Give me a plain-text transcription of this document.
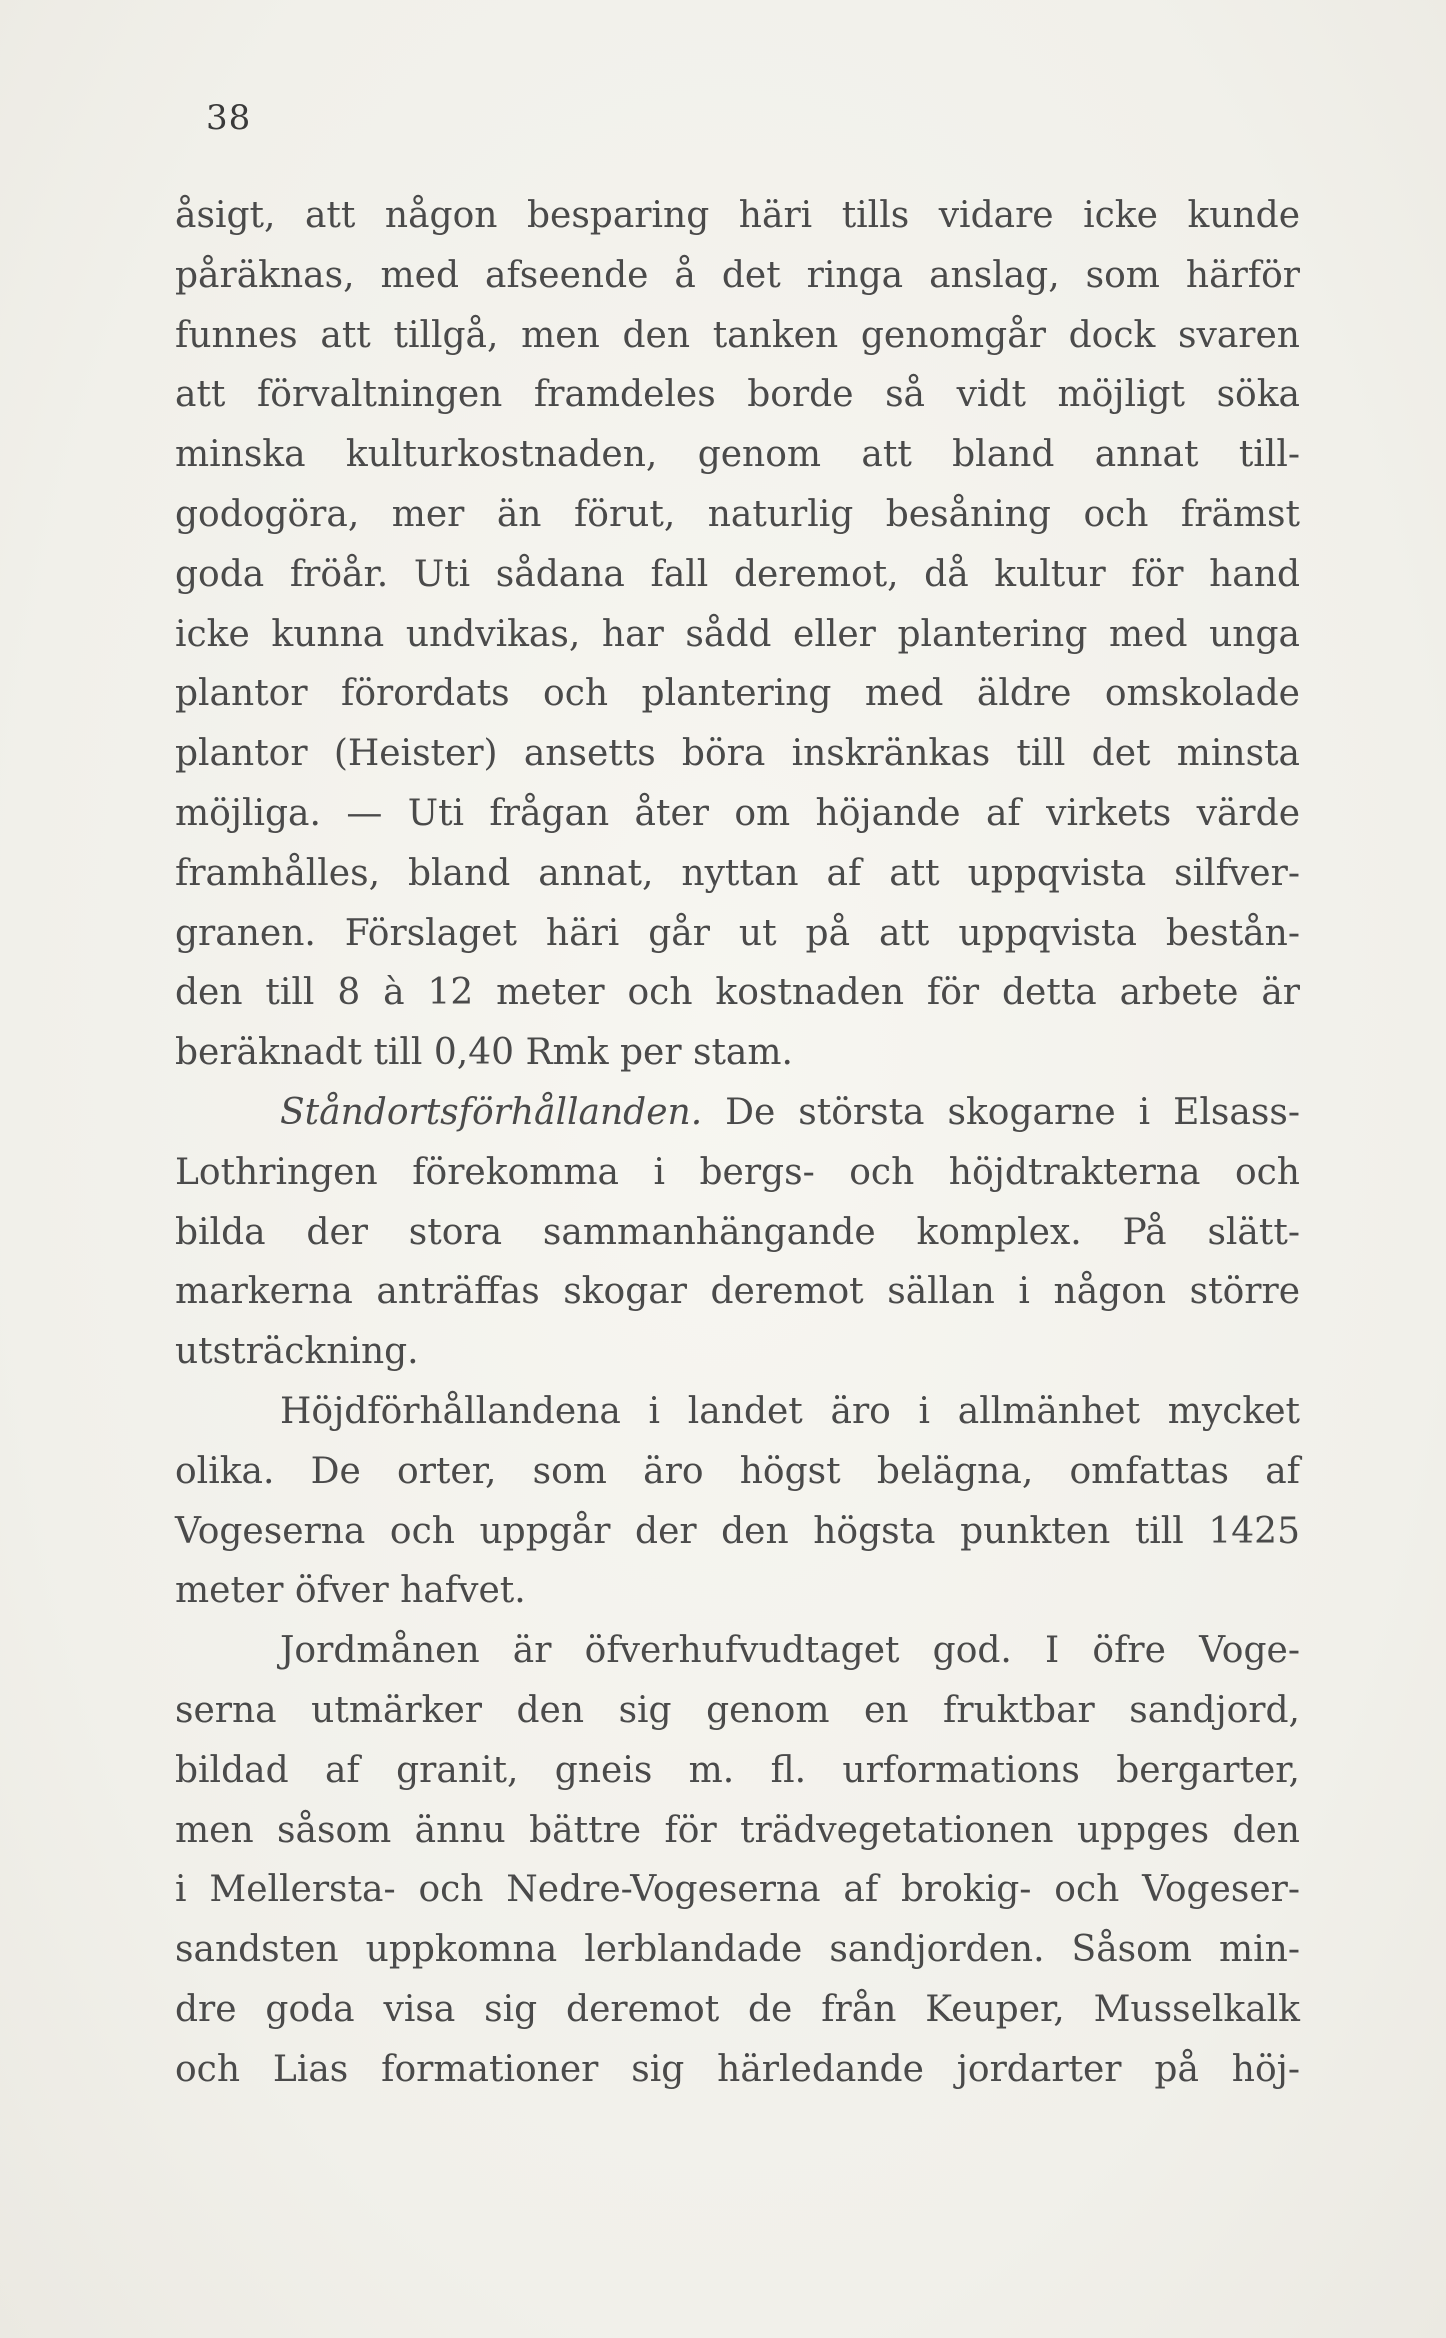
38
åsigt, att någon besparing häri tills vidare icke kunde
påräknas, med afseende å det ringa anslag, som härför
funnes att tillgå, men den tanken genomgår dock svaren
att förvaltningen framdeles borde så vidt möjligt söka
minska kulturkostnaden, genom att bland annat till-
godogöra, mer än förut, naturlig besåning och främst
goda fröår. Uti sådana fall deremot, då kultur för hand
icke kunna undvikas, har sådd eller plantering med unga
plantor förordats och plantering med äldre omskolade
plantor (Heister) ansetts böra inskränkas till det minsta
möjliga. — Uti frågan åter om höjande af virkets värde
framhålles, bland annat, nyttan af att uppqvista silfver-
granen. Förslaget häri går ut på att uppqvista bestån-
den till 8 à 12 meter och kostnaden för detta arbete är
beräknadt till 0,40 Rmk per stam.
Ståndortsförhållanden. De största skogarne i Elsass-
Lothringen förekomma i bergs- och höjdtrakterna och
bilda der stora sammanhängande komplex. På slätt-
markerna anträffas skogar deremot sällan i någon större
utsträckning.
Höjdförhållandena i landet äro i allmänhet mycket
olika. De orter, som äro högst belägna, omfattas af
Vogeserna och uppgår der den högsta punkten till 1425
meter öfver hafvet.
Jordmånen är öfverhufvudtaget god. I öfre Voge-
serna utmärker den sig genom en fruktbar sandjord,
bildad af granit, gneis m. fl. urformations bergarter,
men såsom ännu bättre för trädvegetationen uppges den
i Mellersta- och Nedre-Vogeserna af brokig- och Vogeser-
sandsten uppkomna lerblandade sandjorden. Såsom min-
dre goda visa sig deremot de från Keuper, Musselkalk
och Lias formationer sig härledande jordarter på höj-
